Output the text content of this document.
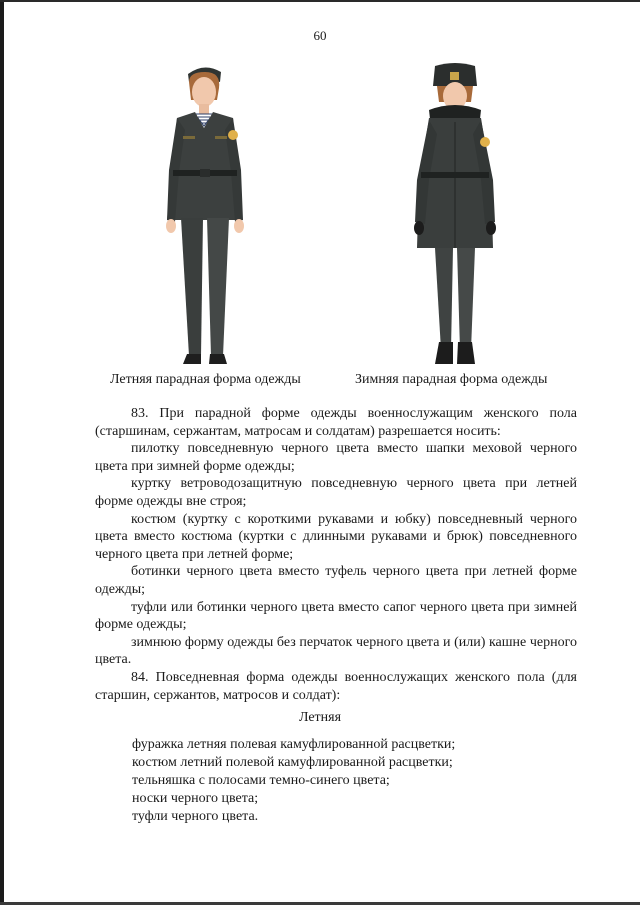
60
Летняя парадная форма одежды	Зимняя парадная форма одежды

83. При парадной форме одежды военнослужащим женского пола (старшинам, сержантам, матросам и солдатам) разрешается носить:

пилотку повседневную черного цвета вместо шапки меховой черного цвета при зимней форме одежды;

куртку ветроводозащитную повседневную черного цвета при летней форме одежды вне строя;

костюм (куртку с короткими рукавами и юбку) повседневный черного цвета вместо костюма (куртки с длинными рукавами и брюк) повседневного черного цвета при летней форме;

ботинки черного цвета вместо туфель черного цвета при летней форме одежды;

туфли или ботинки черного цвета вместо сапог черного цвета при зимней форме одежды;

зимнюю форму одежды без перчаток черного цвета и (или) кашне черного цвета.

84. Повседневная форма одежды военнослужащих женского пола (для старшин, сержантов, матросов и солдат):

Летняя
фуражка летняя полевая камуфлированной расцветки;
костюм летний полевой камуфлированной расцветки;
тельняшка с полосами темно-синего цвета;
носки черного цвета;
туфли черного цвета.
